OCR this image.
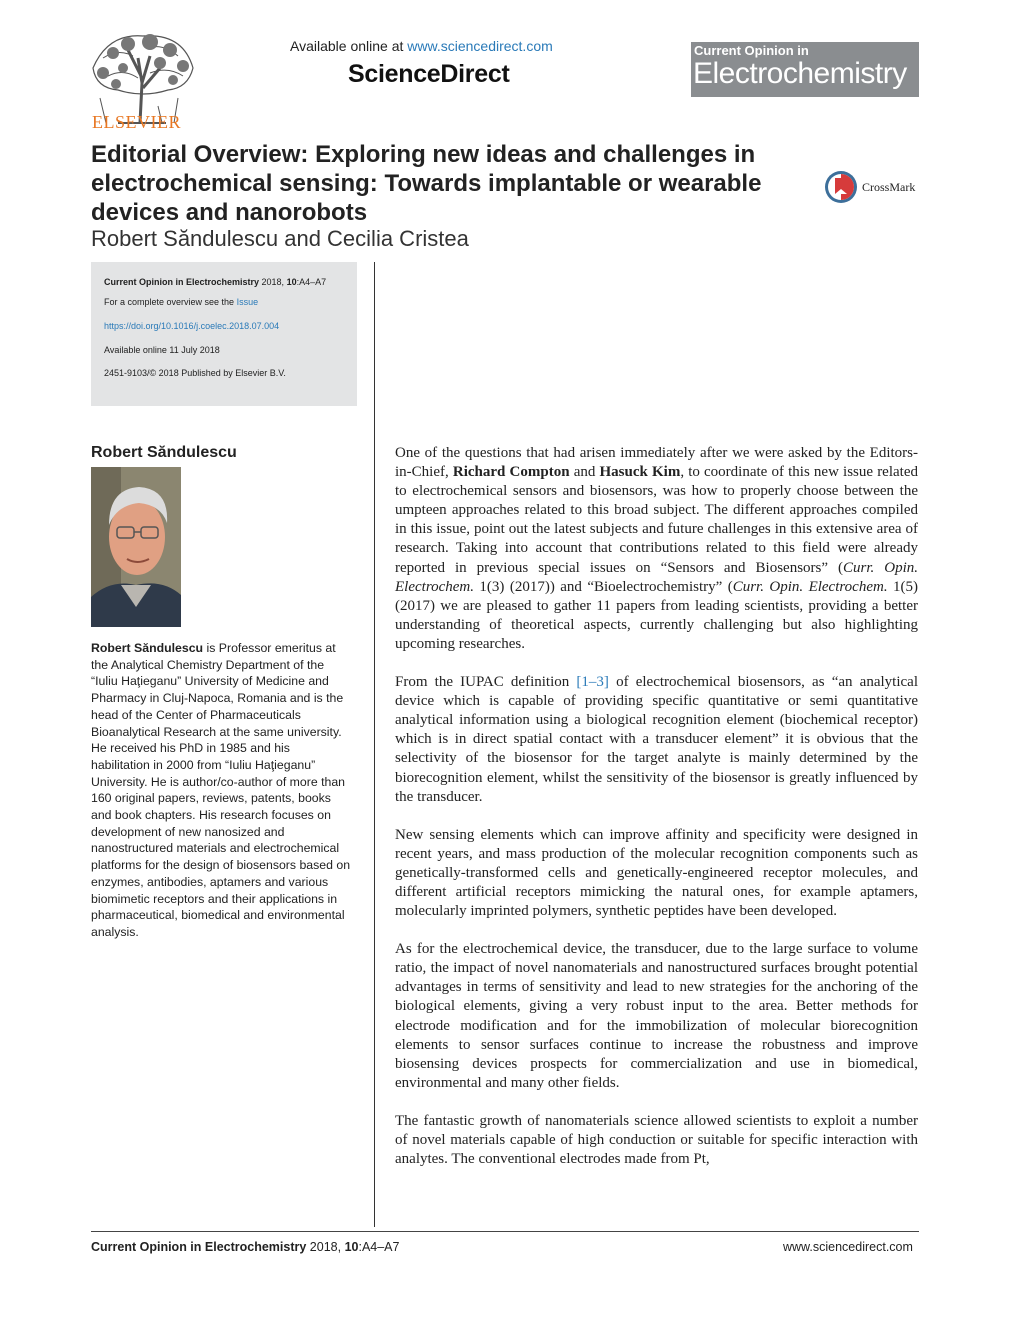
ELSEVIER
Available online at www.sciencedirect.com
ScienceDirect
Current Opinion in
Electrochemistry
Editorial Overview: Exploring new ideas and challenges in electrochemical sensing: Towards implantable or wearable devices and nanorobots
Robert Săndulescu and Cecilia Cristea
CrossMark

Current Opinion in Electrochemistry 2018, 10:A4–A7

For a complete overview see the Issue

https://doi.org/10.1016/j.coelec.2018.07.004

Available online 11 July 2018

2451-9103/© 2018 Published by Elsevier B.V.

Robert Săndulescu
Robert Săndulescu is Professor emeritus at the Analytical Chemistry Department of the “Iuliu Haţieganu” University of Medicine and Pharmacy in Cluj-Napoca, Romania and is the head of the Center of Pharmaceuticals Bioanalytical Research at the same university. He received his PhD in 1985 and his habilitation in 2000 from “Iuliu Haţieganu” University. He is author/co-author of more than 160 original papers, reviews, patents, books and book chapters. His research focuses on development of new nanosized and nanostructured materials and electrochemical platforms for the design of biosensors based on enzymes, antibodies, aptamers and various biomimetic receptors and their applications in pharmaceutical, biomedical and environmental analysis.

One of the questions that had arisen immediately after we were asked by the Editors-in-Chief, Richard Compton and Hasuck Kim, to coordinate of this new issue related to electrochemical sensors and biosensors, was how to properly choose between the umpteen approaches related to this broad subject. The different approaches compiled in this issue, point out the latest subjects and future challenges in this extensive area of research. Taking into account that contributions related to this field were already reported in previous special issues on “Sensors and Biosensors” (Curr. Opin. Electrochem. 1(3) (2017)) and “Bioelectrochemistry” (Curr. Opin. Electrochem. 1(5) (2017) we are pleased to gather 11 papers from leading scientists, providing a better understanding of theoretical aspects, currently challenging but also highlighting upcoming researches.

From the IUPAC definition [1–3] of electrochemical biosensors, as “an analytical device which is capable of providing specific quantitative or semi quantitative analytical information using a biological recognition element (biochemical receptor) which is in direct spatial contact with a transducer element” it is obvious that the selectivity of the biosensor for the target analyte is mainly determined by the biorecognition element, whilst the sensitivity of the biosensor is greatly influenced by the transducer.

New sensing elements which can improve affinity and specificity were designed in recent years, and mass production of the molecular recognition components such as genetically-transformed cells and genetically-engineered receptor molecules, and different artificial receptors mimicking the natural ones, for example aptamers, molecularly imprinted polymers, synthetic peptides have been developed.

As for the electrochemical device, the transducer, due to the large surface to volume ratio, the impact of novel nanomaterials and nanostructured surfaces brought potential advantages in terms of sensitivity and lead to new strategies for the anchoring of the biological elements, giving a very robust input to the area. Better methods for electrode modification and for the immobilization of molecular biorecognition elements to sensor surfaces continue to increase the robustness and improve biosensing devices prospects for commercialization and use in biomedical, environmental and many other fields.

The fantastic growth of nanomaterials science allowed scientists to exploit a number of novel materials capable of high conduction or suitable for specific interaction with analytes. The conventional electrodes made from Pt,

Current Opinion in Electrochemistry 2018, 10:A4–A7	www.sciencedirect.com
